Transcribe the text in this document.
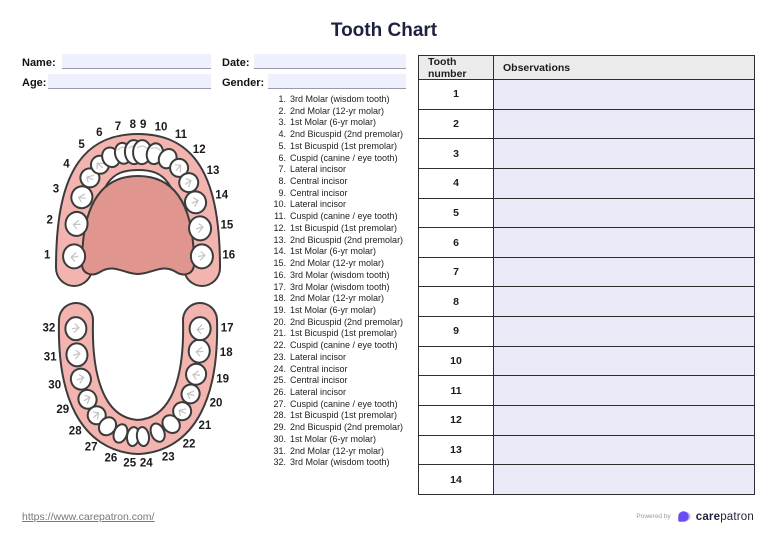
Tooth Chart
Name:	Date:
Age:	Gender:
1
2
3
4
5
6
7 8 9 10
11
12
13
14
15
16
32
31
30
29
28
27
26 25 24 23
22
21
20
19
18
17
1. 3rd Molar (wisdom tooth)
2. 2nd Molar (12-yr molar)
3. 1st Molar (6-yr molar)
4. 2nd Bicuspid (2nd premolar)
5. 1st Bicuspid (1st premolar)
6. Cuspid (canine / eye tooth)
7. Lateral incisor
8. Central incisor
9. Central incisor
10. Lateral incisor
11. Cuspid (canine / eye tooth)
12. 1st Bicuspid (1st premolar)
13. 2nd Bicuspid (2nd premolar)
14. 1st Molar (6-yr molar)
15. 2nd Molar (12-yr molar)
16. 3rd Molar (wisdom tooth)
17. 3rd Molar (wisdom tooth)
18. 2nd Molar (12-yr molar)
19. 1st Molar (6-yr molar)
20. 2nd Bicuspid (2nd premolar)
21. 1st Bicuspid (1st premolar)
22. Cuspid (canine / eye tooth)
23. Lateral incisor
24. Central incisor
25. Central incisor
26. Lateral incisor
27. Cuspid (canine / eye tooth)
28. 1st Bicuspid (1st premolar)
29. 2nd Bicuspid (2nd premolar)
30. 1st Molar (6-yr molar)
31. 2nd Molar (12-yr molar)
32. 3rd Molar (wisdom tooth)
Tooth number	Observations
1
2
3
4
5
6
7
8
9
10
11
12
13
14
https://www.carepatron.com/	Powered by carepatron
